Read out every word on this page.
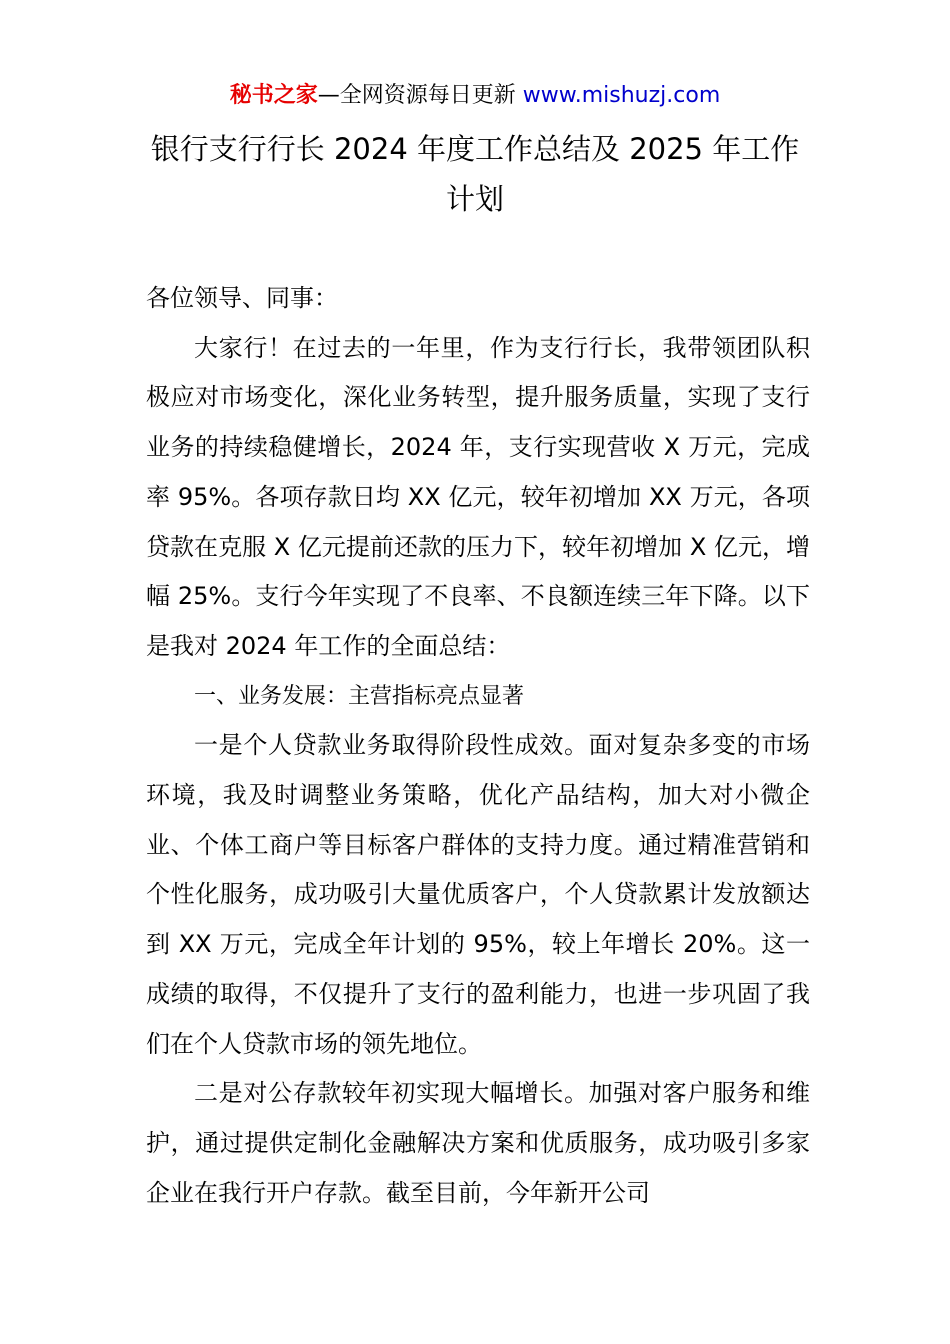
秘书之家—全网资源每日更新 www.mishuzj.com
银行支行行长 2024 年度工作总结及 2025 年工作计划

各位领导、同事：

大家行！在过去的一年里，作为支行行长，我带领团队积极应对市场变化，深化业务转型，提升服务质量，实现了支行业务的持续稳健增长，2024 年，支行实现营收 X 万元，完成率 95%。各项存款日均 XX 亿元，较年初增加 XX 万元，各项贷款在克服 X 亿元提前还款的压力下，较年初增加 X 亿元，增幅 25%。支行今年实现了不良率、不良额连续三年下降。以下是我对 2024 年工作的全面总结：

一、业务发展：主营指标亮点显著

一是个人贷款业务取得阶段性成效。面对复杂多变的市场环境，我及时调整业务策略，优化产品结构，加大对小微企业、个体工商户等目标客户群体的支持力度。通过精准营销和个性化服务，成功吸引大量优质客户，个人贷款累计发放额达到 XX 万元，完成全年计划的 95%，较上年增长 20%。这一成绩的取得，不仅提升了支行的盈利能力，也进一步巩固了我们在个人贷款市场的领先地位。

二是对公存款较年初实现大幅增长。加强对客户服务和维护，通过提供定制化金融解决方案和优质服务，成功吸引多家企业在我行开户存款。截至目前，今年新开公司
